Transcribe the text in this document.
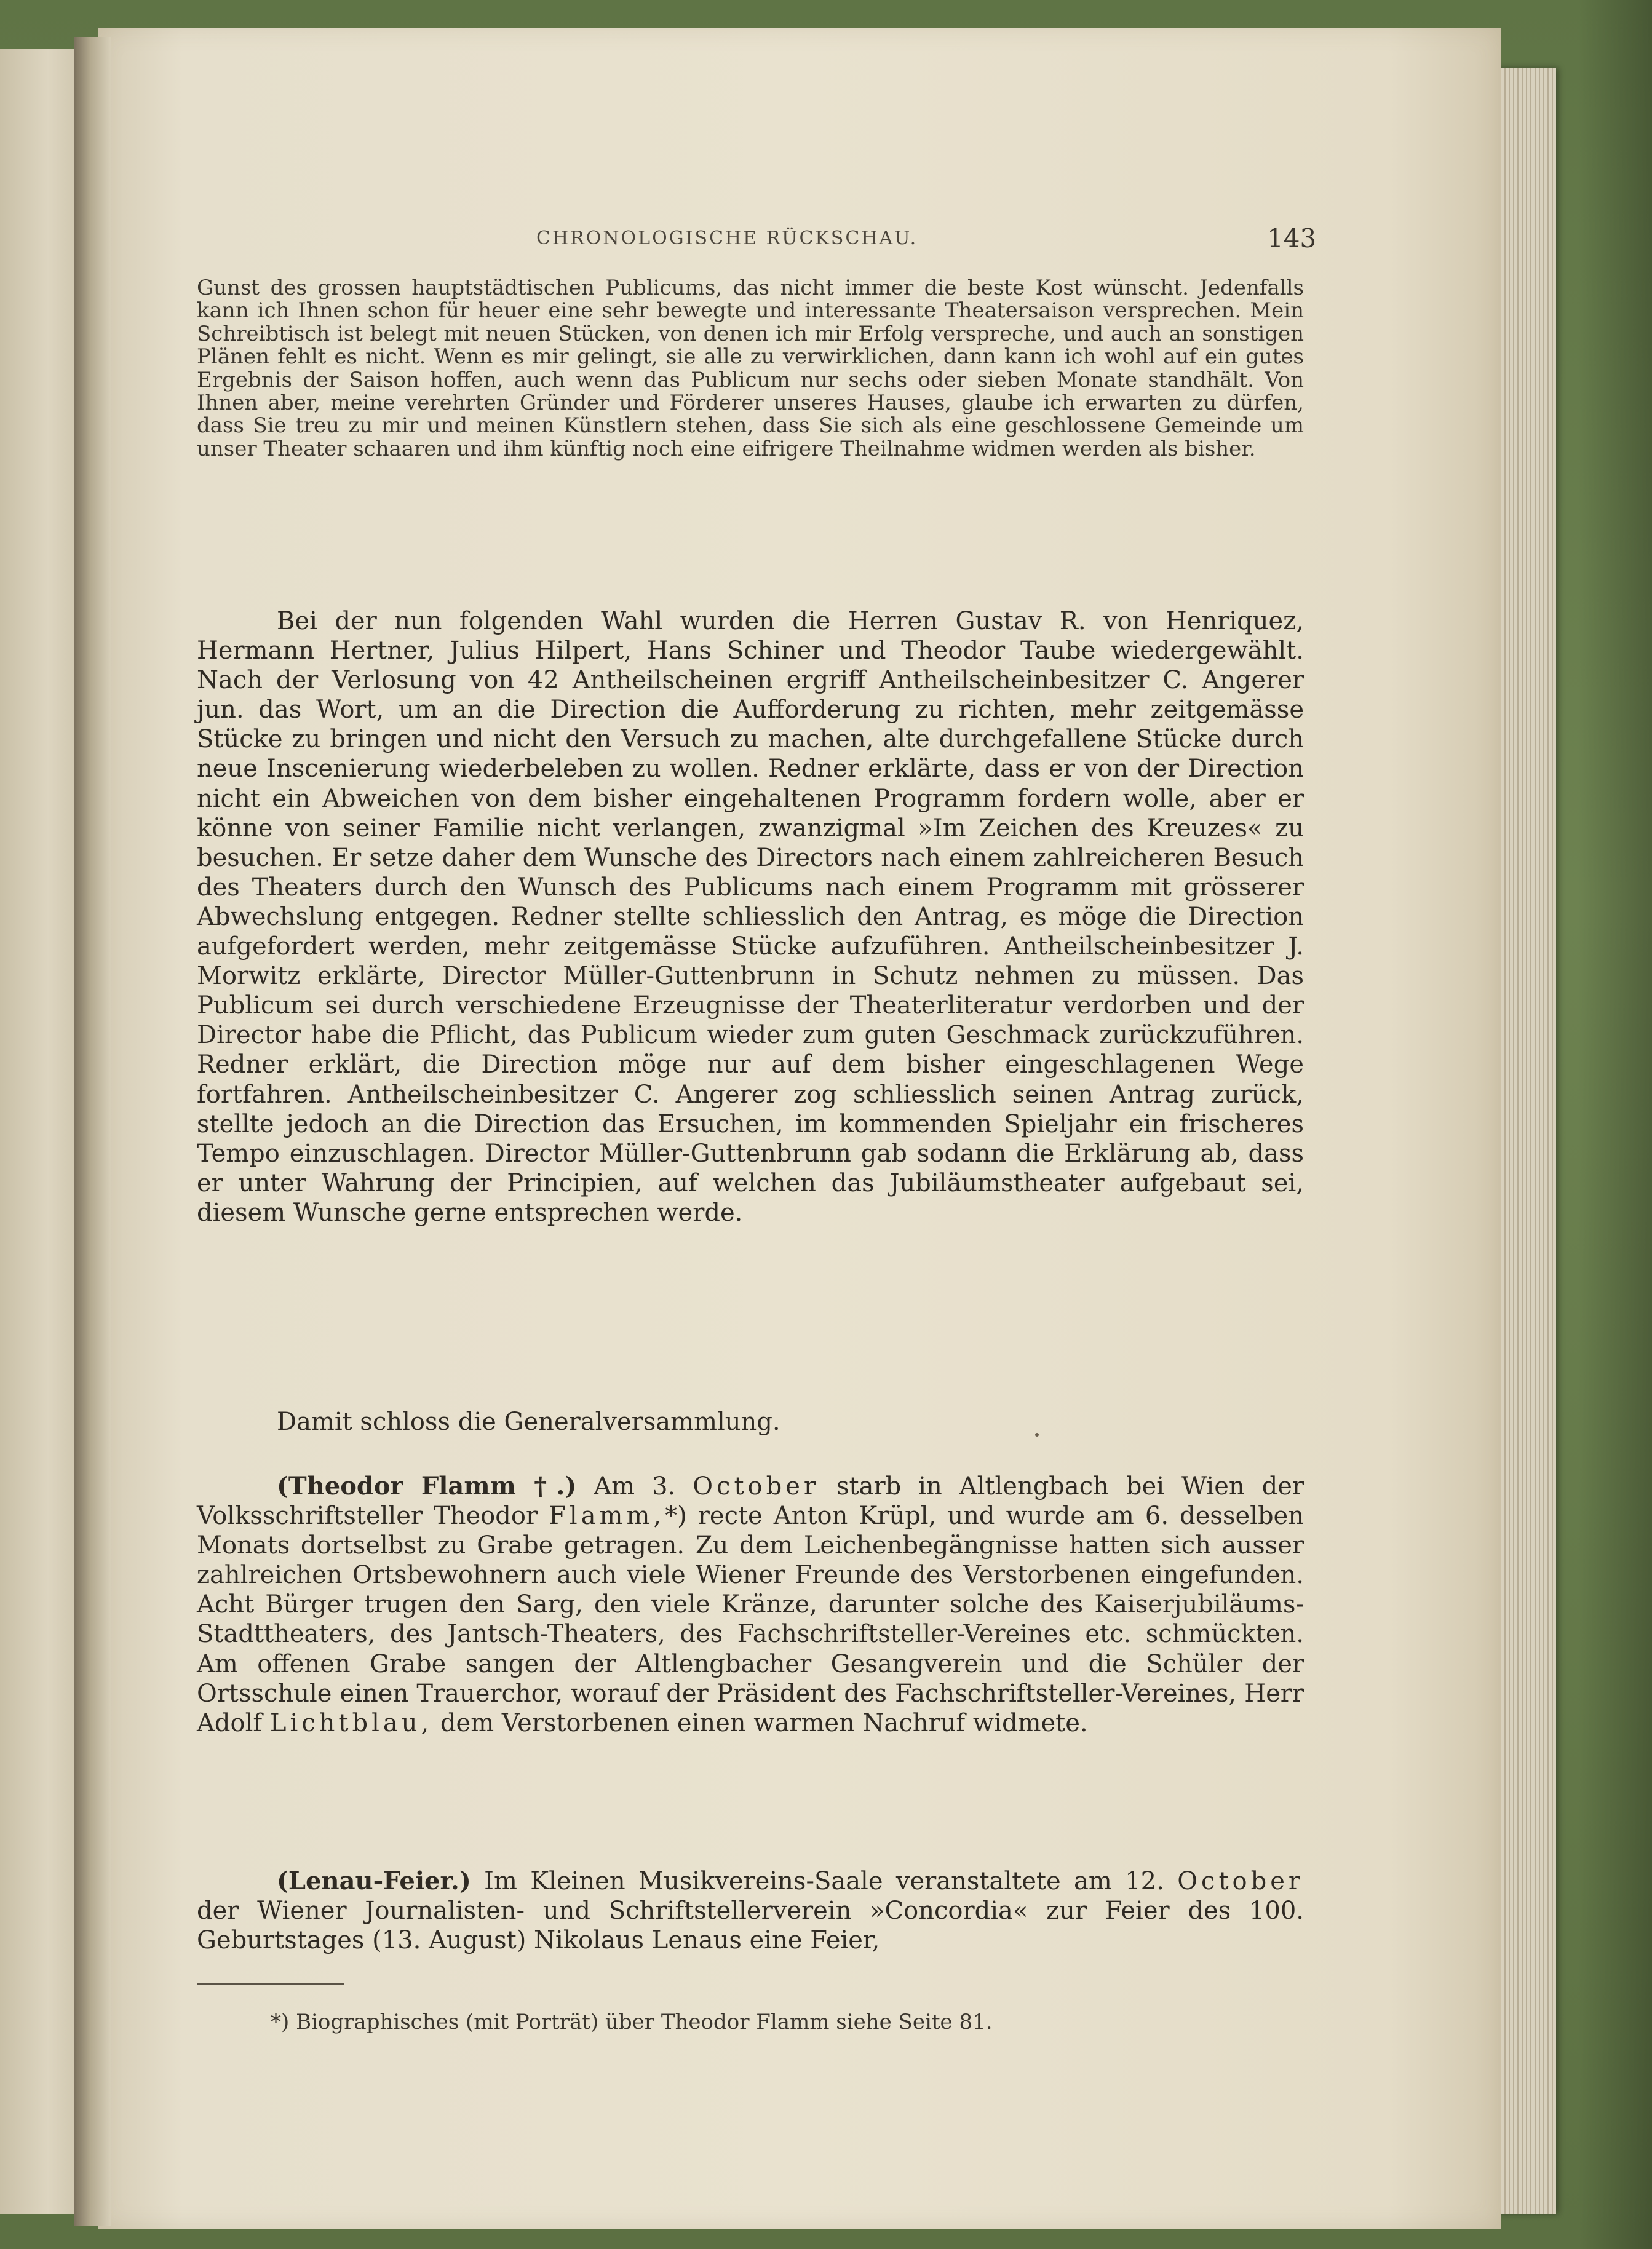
CHRONOLOGISCHE RÜCKSCHAU.	143

Gunst des grossen hauptstädtischen Publicums, das nicht immer die beste Kost wünscht. Jedenfalls kann ich Ihnen schon für heuer eine sehr bewegte und interessante Theatersaison versprechen. Mein Schreibtisch ist belegt mit neuen Stücken, von denen ich mir Erfolg verspreche, und auch an sonstigen Plänen fehlt es nicht. Wenn es mir gelingt, sie alle zu verwirklichen, dann kann ich wohl auf ein gutes Ergebnis der Saison hoffen, auch wenn das Publicum nur sechs oder sieben Monate standhält. Von Ihnen aber, meine verehrten Gründer und Förderer unseres Hauses, glaube ich erwarten zu dürfen, dass Sie treu zu mir und meinen Künstlern stehen, dass Sie sich als eine geschlossene Gemeinde um unser Theater schaaren und ihm künftig noch eine eifrigere Theilnahme widmen werden als bisher.

Bei der nun folgenden Wahl wurden die Herren Gustav R. von Henriquez, Hermann Hertner, Julius Hilpert, Hans Schiner und Theodor Taube wiedergewählt. Nach der Verlosung von 42 Antheilscheinen ergriff Antheilscheinbesitzer C. Angerer jun. das Wort, um an die Direction die Aufforderung zu richten, mehr zeitgemässe Stücke zu bringen und nicht den Versuch zu machen, alte durchgefallene Stücke durch neue Inscenierung wiederbeleben zu wollen. Redner erklärte, dass er von der Direction nicht ein Abweichen von dem bisher eingehaltenen Programm fordern wolle, aber er könne von seiner Familie nicht verlangen, zwanzigmal »Im Zeichen des Kreuzes« zu besuchen. Er setze daher dem Wunsche des Directors nach einem zahlreicheren Besuch des Theaters durch den Wunsch des Publicums nach einem Programm mit grösserer Abwechslung entgegen. Redner stellte schliesslich den Antrag, es möge die Direction aufgefordert werden, mehr zeitgemässe Stücke aufzuführen. Antheilscheinbesitzer J. Morwitz erklärte, Director Müller-Guttenbrunn in Schutz nehmen zu müssen. Das Publicum sei durch verschiedene Erzeugnisse der Theaterliteratur verdorben und der Director habe die Pflicht, das Publicum wieder zum guten Geschmack zurückzuführen. Redner erklärt, die Direction möge nur auf dem bisher eingeschlagenen Wege fortfahren. Antheilscheinbesitzer C. Angerer zog schliesslich seinen Antrag zurück, stellte jedoch an die Direction das Ersuchen, im kommenden Spieljahr ein frischeres Tempo einzuschlagen. Director Müller-Guttenbrunn gab sodann die Erklärung ab, dass er unter Wahrung der Principien, auf welchen das Jubiläumstheater aufgebaut sei, diesem Wunsche gerne entsprechen werde.

Damit schloss die Generalversammlung.

(Theodor Flamm †.) Am 3. October starb in Altlengbach bei Wien der Volksschriftsteller Theodor Flamm,*) recte Anton Krüpl, und wurde am 6. desselben Monats dortselbst zu Grabe getragen. Zu dem Leichenbegängnisse hatten sich ausser zahlreichen Ortsbewohnern auch viele Wiener Freunde des Verstorbenen eingefunden. Acht Bürger trugen den Sarg, den viele Kränze, darunter solche des Kaiserjubiläums-Stadttheaters, des Jantsch-Theaters, des Fachschriftsteller-Vereines etc. schmückten. Am offenen Grabe sangen der Altlengbacher Gesangverein und die Schüler der Ortsschule einen Trauerchor, worauf der Präsident des Fachschriftsteller-Vereines, Herr Adolf Lichtblau, dem Verstorbenen einen warmen Nachruf widmete.

(Lenau-Feier.) Im Kleinen Musikvereins-Saale veranstaltete am 12. October der Wiener Journalisten- und Schriftstellerverein »Concordia« zur Feier des 100. Geburtstages (13. August) Nikolaus Lenaus eine Feier,

*) Biographisches (mit Porträt) über Theodor Flamm siehe Seite 81.
